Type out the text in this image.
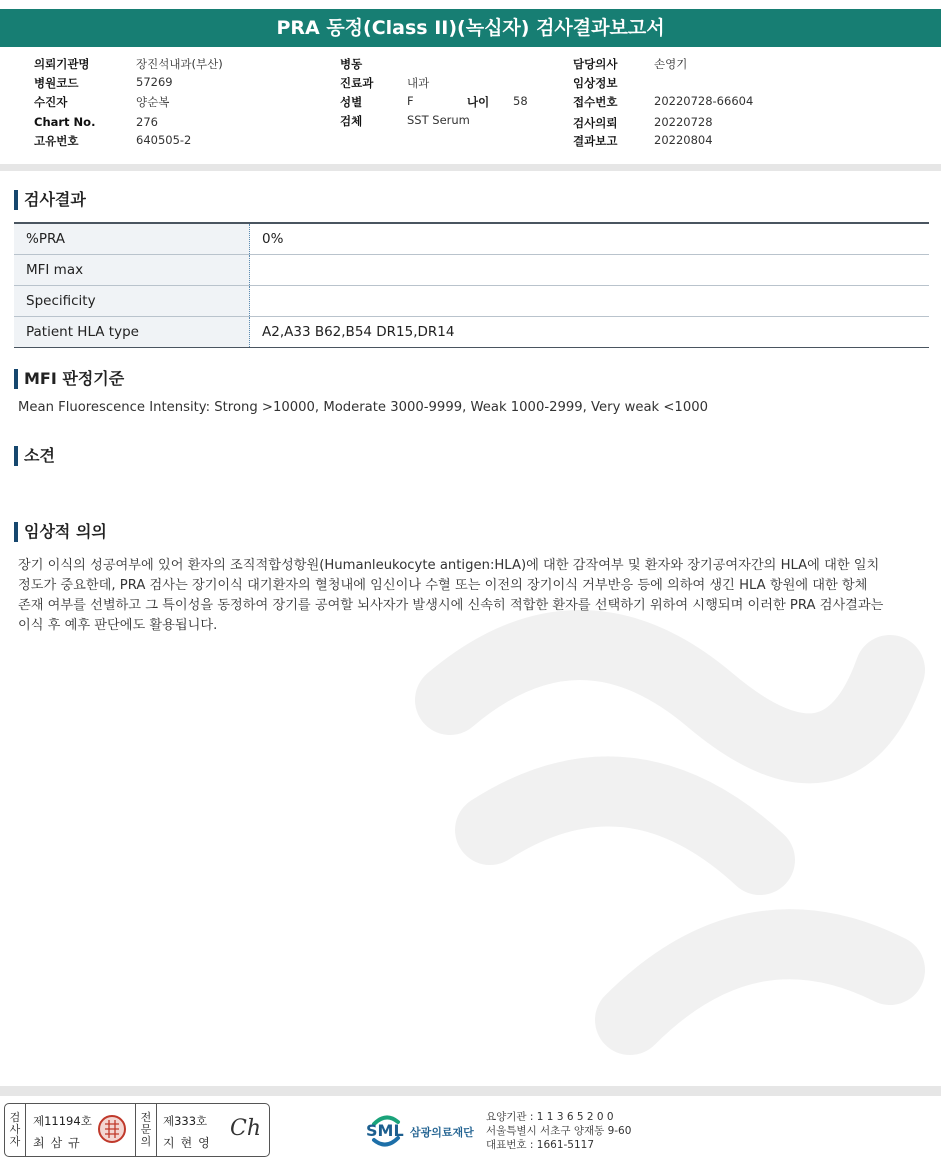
PRA 동정(Class II)(녹십자) 검사결과보고서
의뢰기관명	장진석내과(부산)
병원코드	57269
수진자	양순복
Chart No.	276
고유번호	640505-2
병동
진료과	내과
성별	F	나이 58
검체	SST Serum
담당의사	손영기
임상정보
접수번호	20220728-66604
검사의뢰	20220728
결과보고	20220804
검사결과
%PRA	0%
MFI max	
Specificity	
Patient HLA type	A2,A33 B62,B54 DR15,DR14
MFI 판정기준
Mean Fluorescence Intensity: Strong >10000, Moderate 3000-9999, Weak 1000-2999, Very weak <1000
소견
임상적 의의
장기 이식의 성공여부에 있어 환자의 조직적합성항원(Humanleukocyte antigen:HLA)에 대한 감작여부 및 환자와 장기공여자간의 HLA에 대한 일치
정도가 중요한데, PRA 검사는 장기이식 대기환자의 혈청내에 임신이나 수혈 또는 이전의 장기이식 거부반응 등에 의하여 생긴 HLA 항원에 대한 항체
존재 여부를 선별하고 그 특이성을 동정하여 장기를 공여할 뇌사자가 발생시에 신속히 적합한 환자를 선택하기 위하여 시행되며 이러한 PRA 검사결과는
이식 후 예후 판단에도 활용됩니다.
검
사
자
제11194호
최삼규
전
문
의
제333호
지현영
Ch	SML 삼광의료재단
요양기관 : 1 1 3 6 5 2 0 0
서울특별시 서초구 양재동 9-60
대표번호 : 1661-5117
